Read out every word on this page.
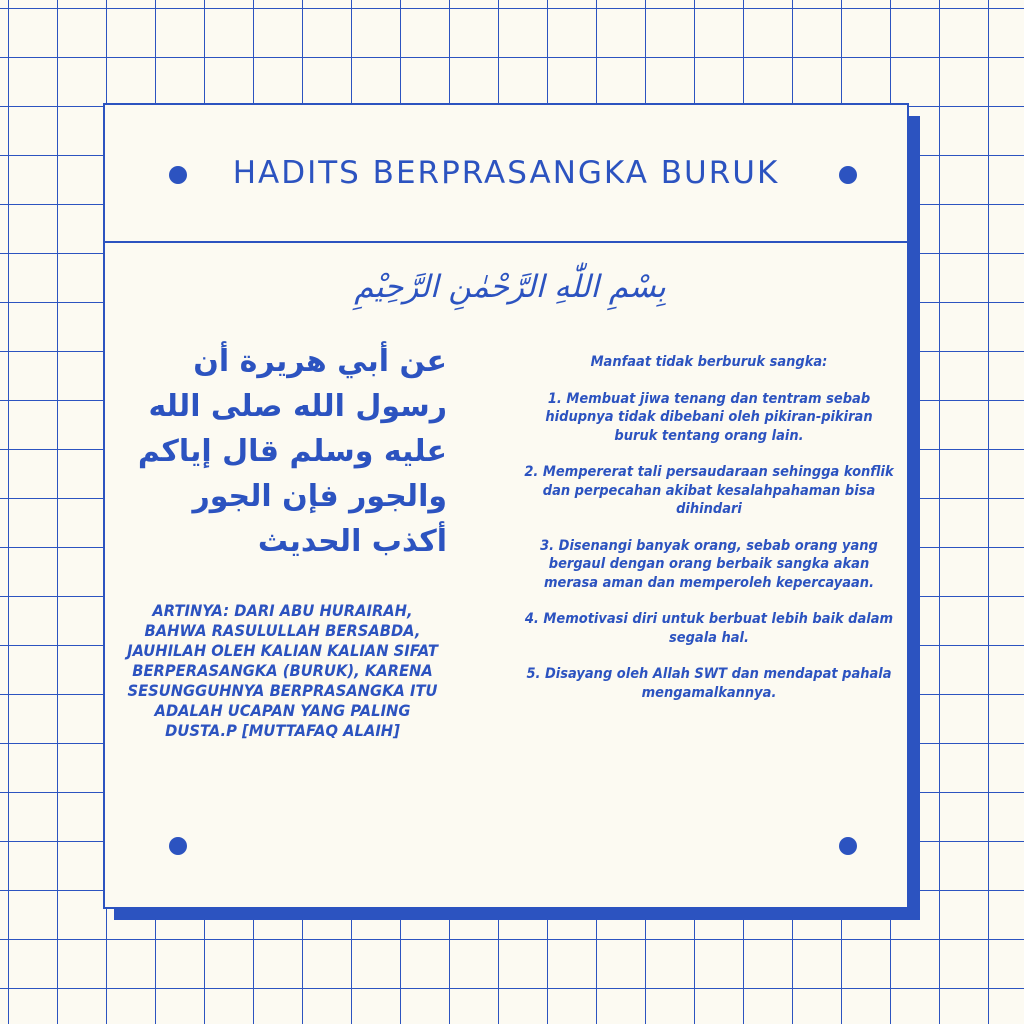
HADITS BERPRASANGKA BURUK
بِسْمِ اللّٰهِ الرَّحْمٰنِ الرَّحِيْمِ

عن أبي هريرة أن رسول الله صلى الله عليه وسلم قال إياكم والجور فإن الجور أكذب الحديث

ARTINYA: DARI ABU HURAIRAH, BAHWA RASULULLAH BERSABDA, JAUHILAH OLEH KALIAN KALIAN SIFAT BERPERASANGKA (BURUK), KARENA SESUNGGUHNYA BERPRASANGKA ITU ADALAH UCAPAN YANG PALING DUSTA.P [MUTTAFAQ ALAIH]

Manfaat tidak berburuk sangka:

1. Membuat jiwa tenang dan tentram sebab hidupnya tidak dibebani oleh pikiran-pikiran buruk tentang orang lain.

2. Mempererat tali persaudaraan sehingga konflik dan perpecahan akibat kesalahpahaman bisa dihindari

3. Disenangi banyak orang, sebab orang yang bergaul dengan orang berbaik sangka akan merasa aman dan memperoleh kepercayaan.

4. Memotivasi diri untuk berbuat lebih baik dalam segala hal.

5. Disayang oleh Allah SWT dan mendapat pahala mengamalkannya.
